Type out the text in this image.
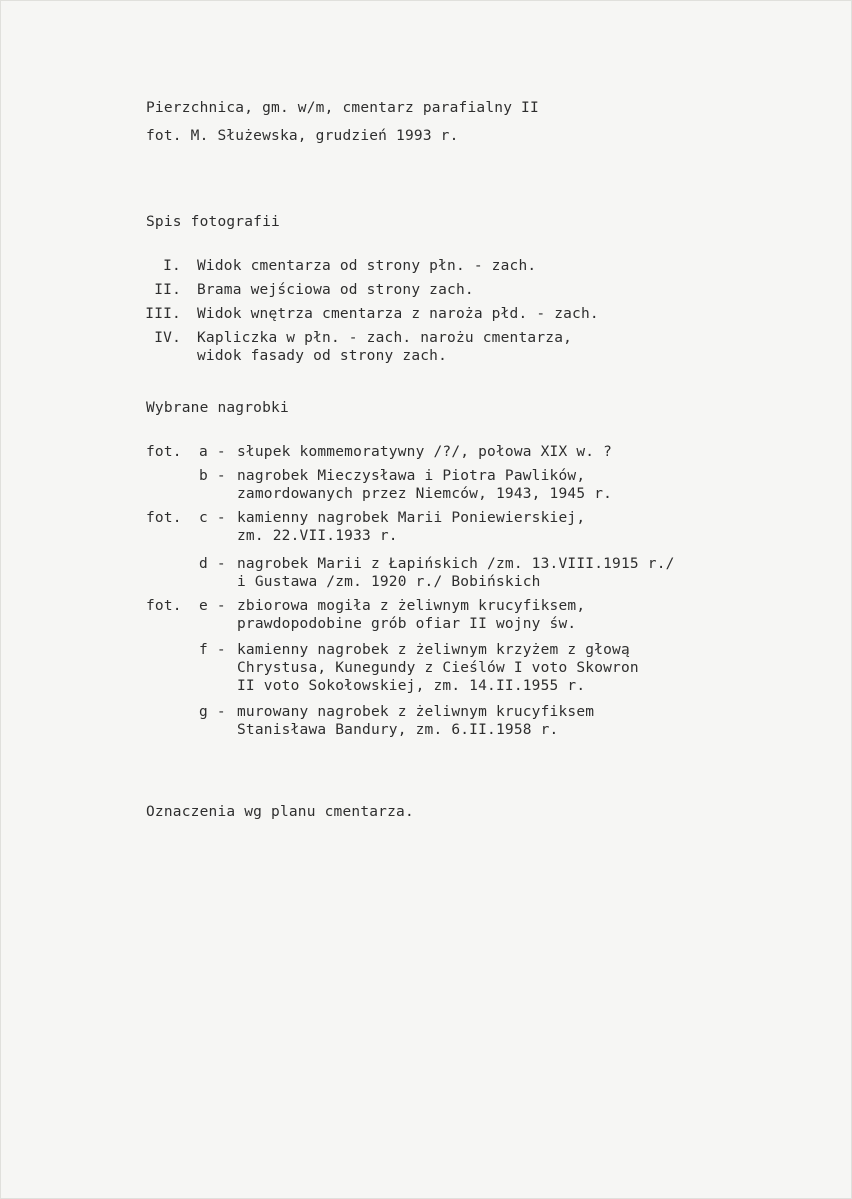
Pierzchnica, gm. w/m, cmentarz parafialny II
fot. M. Służewska, grudzień 1993 r.
Spis fotografii
I. Widok cmentarza od strony płn. - zach.
II. Brama wejściowa od strony zach.
III. Widok wnętrza cmentarza z naroża płd. - zach.
IV. Kapliczka w płn. - zach. narożu cmentarza,
widok fasady od strony zach.
Wybrane nagrobki
fot. a - słupek kommemoratywny /?/, połowa XIX w. ?
b - nagrobek Mieczysława i Piotra Pawlików,
zamordowanych przez Niemców, 1943, 1945 r.
fot. c - kamienny nagrobek Marii Poniewierskiej,
zm. 22.VII.1933 r.
d - nagrobek Marii z Łapińskich /zm. 13.VIII.1915 r./
i Gustawa /zm. 1920 r./ Bobińskich
fot. e - zbiorowa mogiła z żeliwnym krucyfiksem,
prawdopodobine grób ofiar II wojny św.
f - kamienny nagrobek z żeliwnym krzyżem z głową
Chrystusa, Kunegundy z Cieślów I voto Skowron
II voto Sokołowskiej, zm. 14.II.1955 r.
g - murowany nagrobek z żeliwnym krucyfiksem
Stanisława Bandury, zm. 6.II.1958 r.
Oznaczenia wg planu cmentarza.
